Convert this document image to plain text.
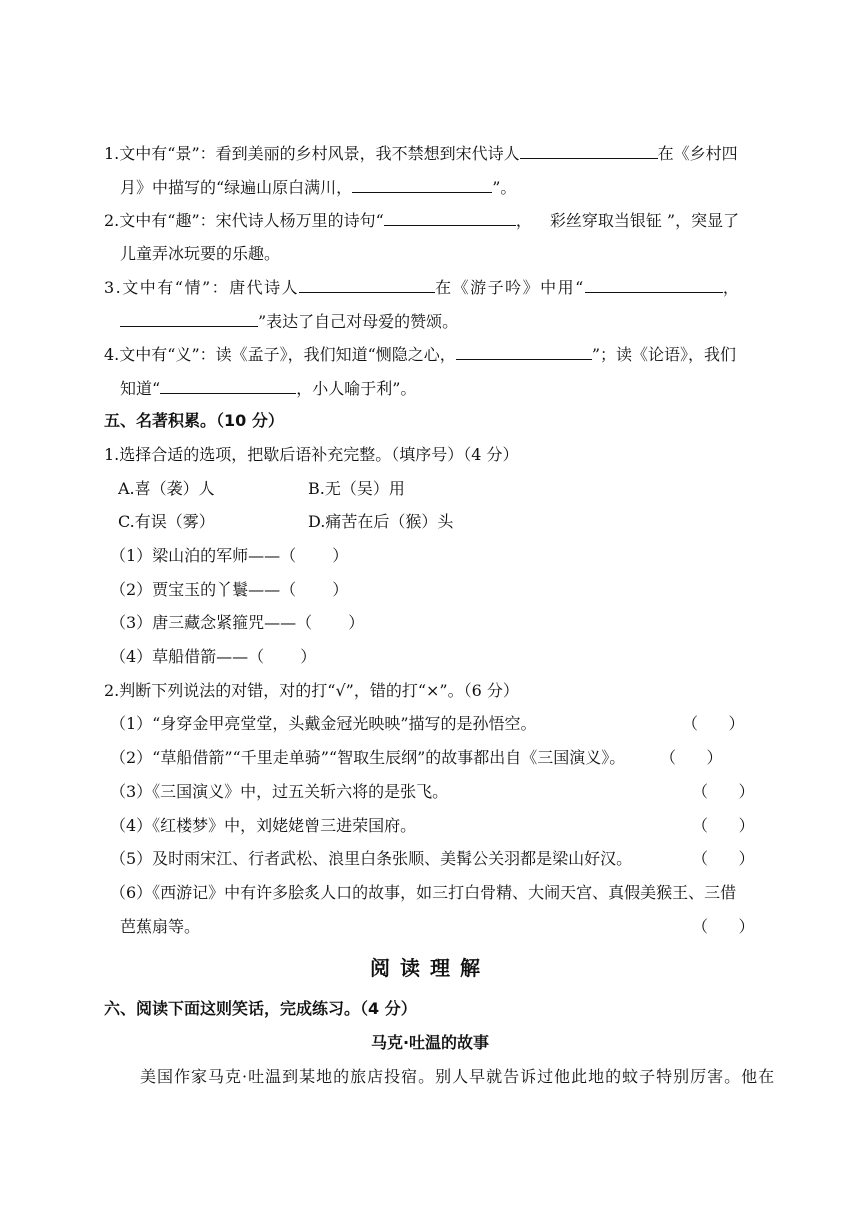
1.文中有“景”：看到美丽的乡村风景，我不禁想到宋代诗人	在《乡村四
月》中描写的“绿遍山原白满川，	”。
2.文中有“趣”：宋代诗人杨万里的诗句“	， 彩丝穿取当银钲 ”，突显了
儿童弄冰玩要的乐趣。
3.文中有“情”：唐代诗人	在《游子吟》中用“	，
”表达了自己对母爱的赞颂。
4.文中有“义”：读《孟子》，我们知道“恻隐之心，	”；读《论语》，我们
知道“	，小人喻于利”。
五、名著积累。（10 分）
1.选择合适的选项，把歇后语补充完整。（填序号）（4 分）
A.喜（袭）人	B.无（吴）用
C.有误（雾）	D.痛苦在后（猴）头
（1）梁山泊的军师——（ ）
（2）贾宝玉的丫鬟——（ ）
（3）唐三藏念紧箍咒——（ ）
（4）草船借箭——（ ）
2.判断下列说法的对错，对的打“√”，错的打“×”。（6 分）
（1）“身穿金甲亮堂堂，头戴金冠光映映”描写的是孙悟空。	（      ）
（2）“草船借箭”“千里走单骑”“智取生辰纲”的故事都出自《三国演义》。 （      ）
（3）《三国演义》中，过五关斩六将的是张飞。	（      ）
（4）《红楼梦》中，刘姥姥曾三进荣国府。	（      ）
（5）及时雨宋江、行者武松、浪里白条张顺、美髯公关羽都是梁山好汉。	（      ）
（6）《西游记》中有许多脍炙人口的故事，如三打白骨精、大闹天宫、真假美猴王、三借
芭蕉扇等。	（      ）
阅读理解
六、阅读下面这则笑话，完成练习。（4 分）
马克·吐温的故事
美国作家马克·吐温到某地的旅店投宿。别人早就告诉过他此地的蚊子特别厉害。他在
